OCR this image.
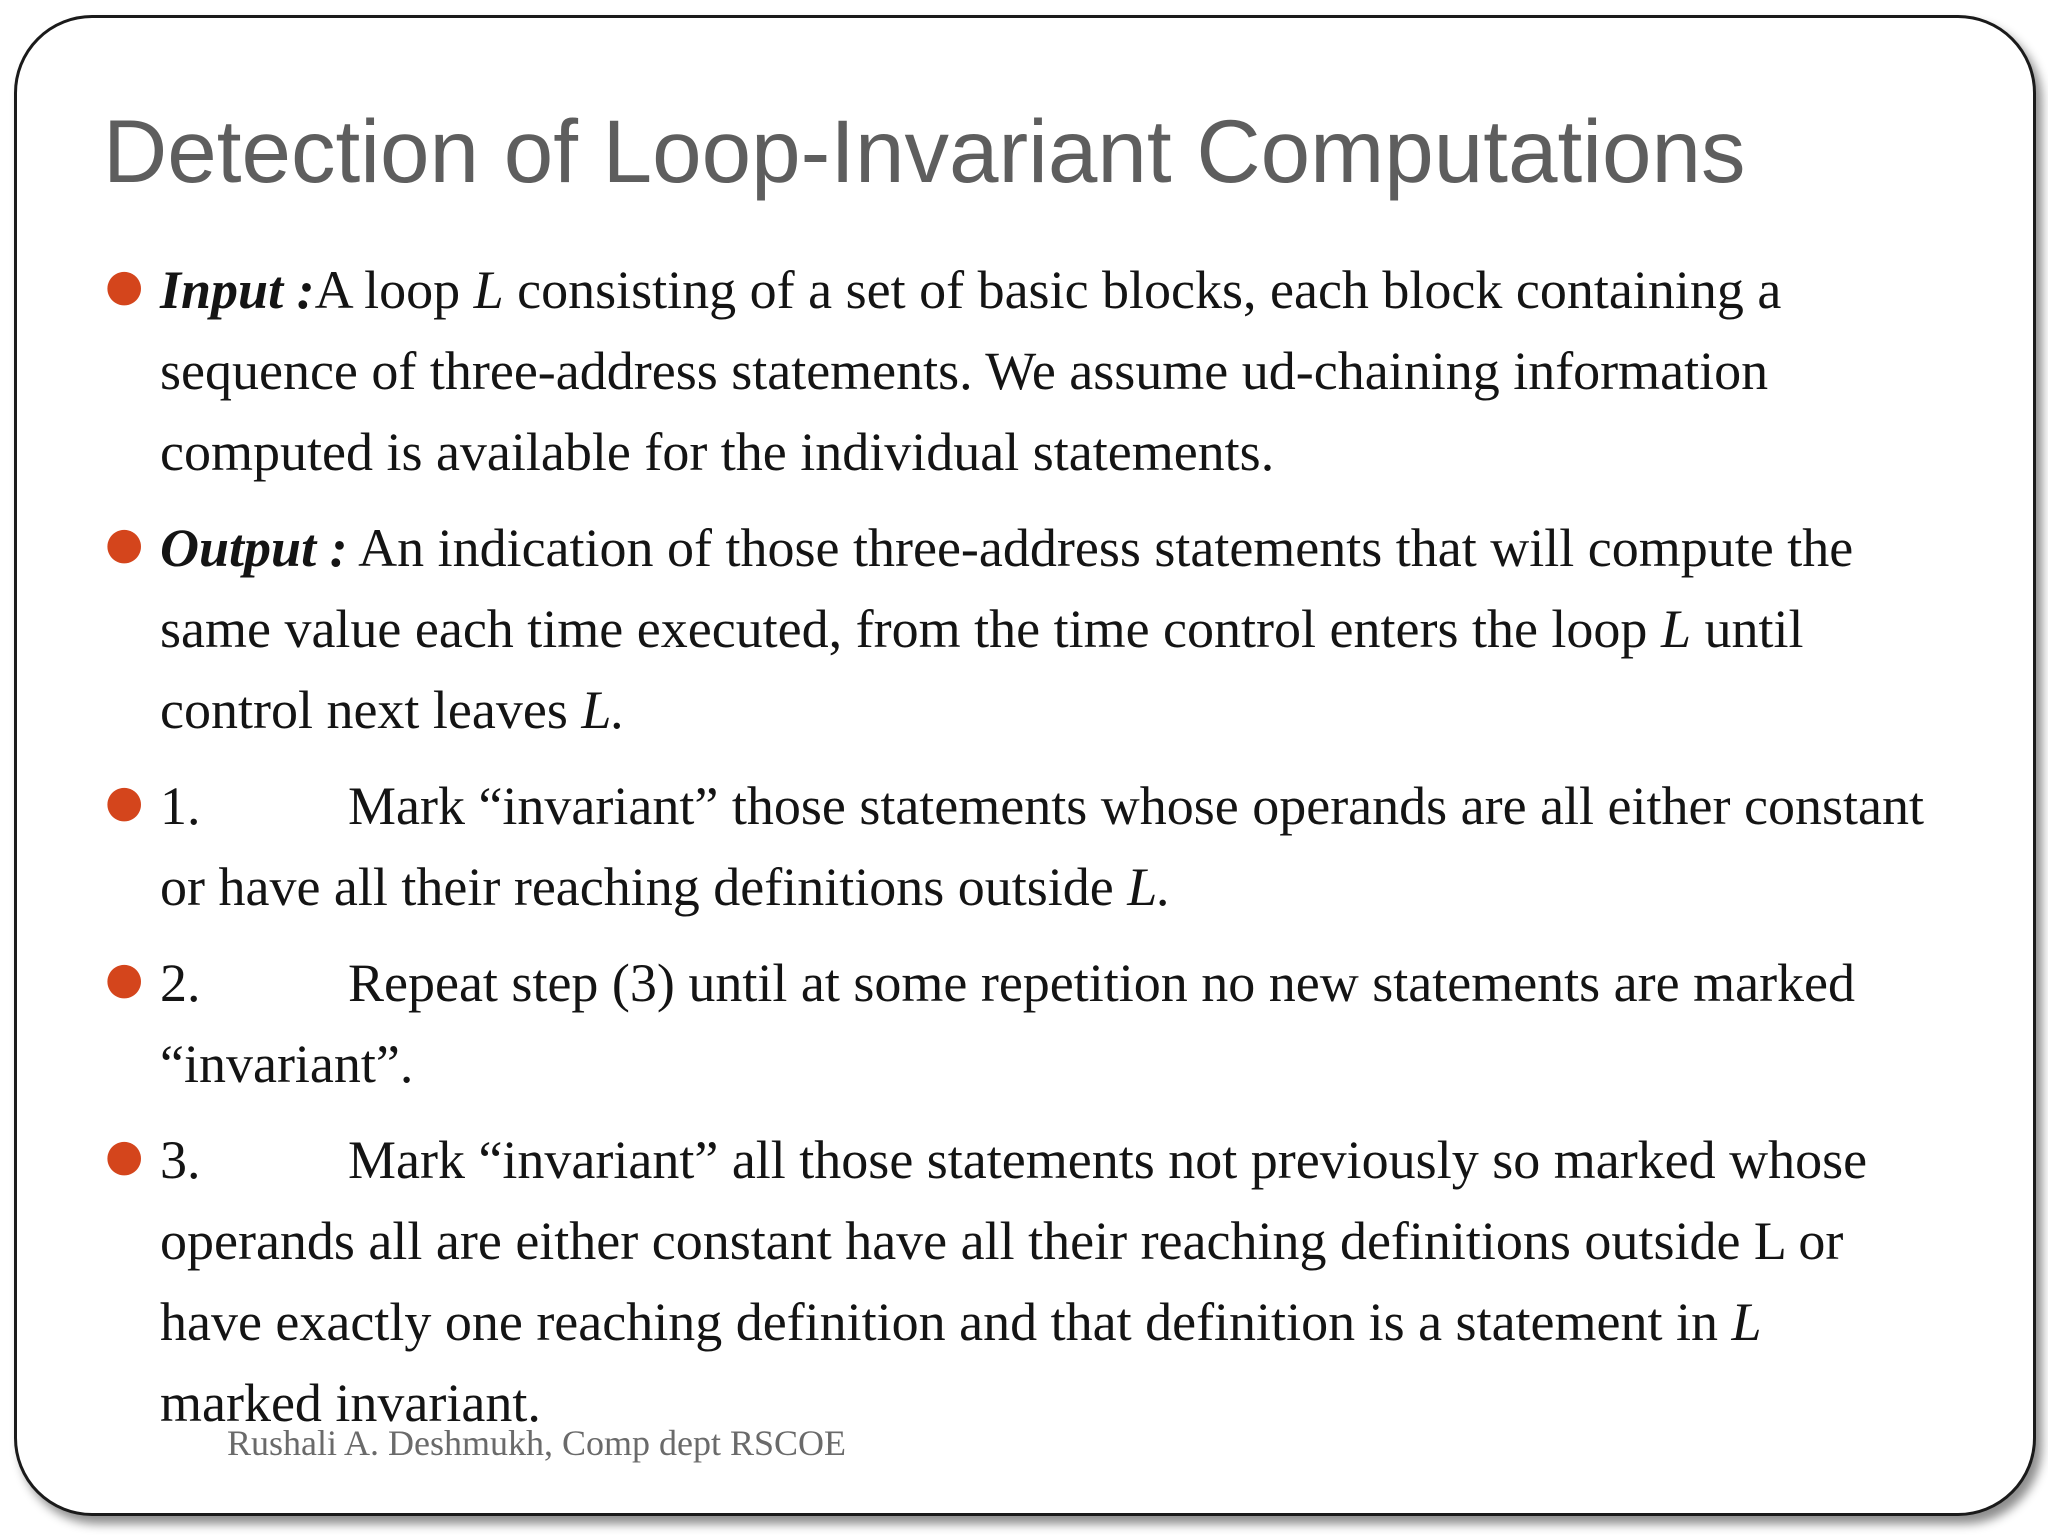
Detection of Loop-Invariant Computations
● Input :A loop L consisting of a set of basic blocks, each block containing a sequence of three-address statements. We assume ud-chaining information computed is available for the individual statements.
● Output : An indication of those three-address statements that will compute the same value each time executed, from the time control enters the loop L until control next leaves L.
● 1.	Mark “invariant” those statements whose operands are all either constant or have all their reaching definitions outside L.
● 2.	Repeat step (3) until at some repetition no new statements are marked “invariant”.
● 3.	Mark “invariant” all those statements not previously so marked whose operands all are either constant have all their reaching definitions outside L or have exactly one reaching definition and that definition is a statement in L marked invariant.
Rushali A. Deshmukh, Comp dept RSCOE
